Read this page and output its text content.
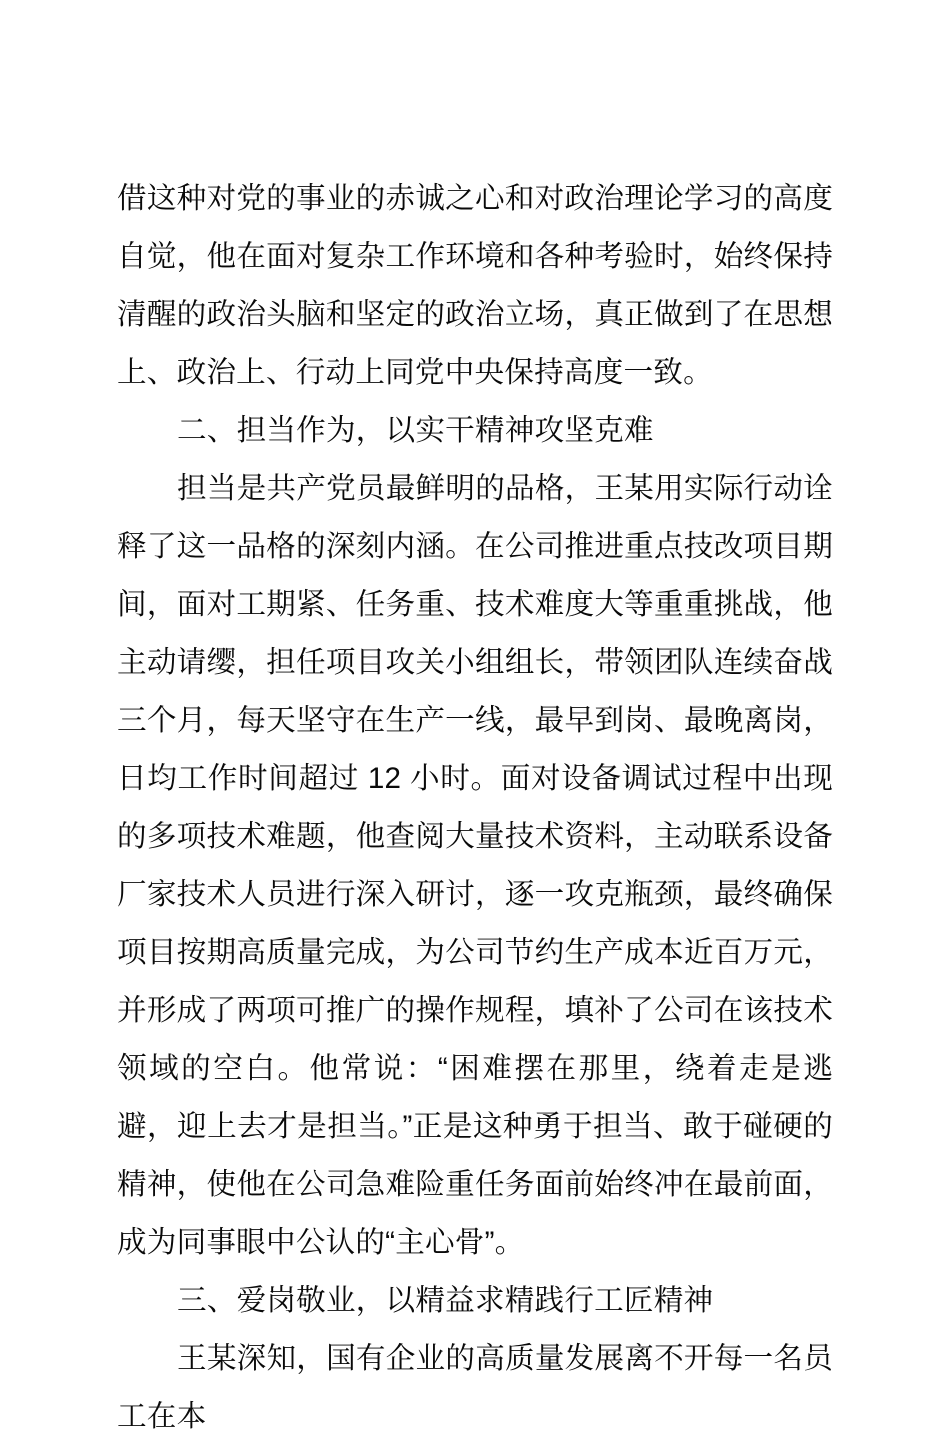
借这种对党的事业的赤诚之心和对政治理论学习的高度自觉，他在面对复杂工作环境和各种考验时，始终保持清醒的政治头脑和坚定的政治立场，真正做到了在思想上、政治上、行动上同党中央保持高度一致。

二、担当作为，以实干精神攻坚克难

担当是共产党员最鲜明的品格，王某用实际行动诠释了这一品格的深刻内涵。在公司推进重点技改项目期间，面对工期紧、任务重、技术难度大等重重挑战，他主动请缨，担任项目攻关小组组长，带领团队连续奋战三个月，每天坚守在生产一线，最早到岗、最晚离岗，日均工作时间超过 12 小时。面对设备调试过程中出现的多项技术难题，他查阅大量技术资料，主动联系设备厂家技术人员进行深入研讨，逐一攻克瓶颈，最终确保项目按期高质量完成，为公司节约生产成本近百万元，并形成了两项可推广的操作规程，填补了公司在该技术领域的空白。他常说：“困难摆在那里，绕着走是逃避，迎上去才是担当。”正是这种勇于担当、敢于碰硬的精神，使他在公司急难险重任务面前始终冲在最前面，成为同事眼中公认的“主心骨”。

三、爱岗敬业，以精益求精践行工匠精神

王某深知，国有企业的高质量发展离不开每一名员工在本
